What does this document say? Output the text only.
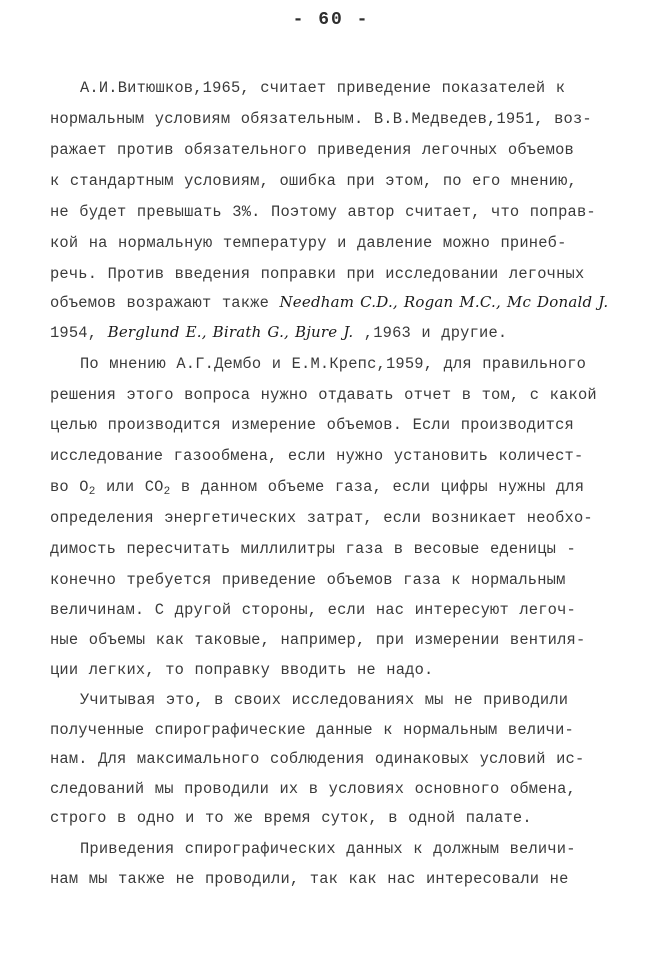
- 60 -
А.И.Витюшков,1965, считает приведение показателей к
нормальным условиям обязательным. В.В.Медведев,1951, воз-
ражает против обязательного приведения легочных объемов
к стандартным условиям, ошибка при этом, по его мнению,
не будет превышать 3%. Поэтому автор считает, что поправ-
кой на нормальную температуру и давление можно принеб-
речь. Против введения поправки при исследовании легочных
объемов возражают также Needham C.D., Rogan M.C., Mc Donald J.
1954, Berglund E., Birath G., Bjure J. ,1963 и другие.
По мнению А.Г.Дембо и Е.М.Крепс,1959, для правильного
решения этого вопроса нужно отдавать отчет в том, с какой
целью производится измерение объемов. Если производится
исследование газообмена, если нужно установить количест-
во $О_2$ или $СО_2$ в данном объеме газа, если цифры нужны для
определения энергетических затрат, если возникает необхо-
димость пересчитать миллилитры газа в весовые еденицы -
конечно требуется приведение объемов газа к нормальным
величинам. С другой стороны, если нас интересуют легоч-
ные объемы как таковые, например, при измерении вентиля-
ции легких, то поправку вводить не надо.
Учитывая это, в своих исследованиях мы не приводили
полученные спирографические данные к нормальным величи-
нам. Для максимального соблюдения одинаковых условий ис-
следований мы проводили их в условиях основного обмена,
строго в одно и то же время суток, в одной палате.
Приведения спирографических данных к должным величи-
нам мы также не проводили, так как нас интересовали не
